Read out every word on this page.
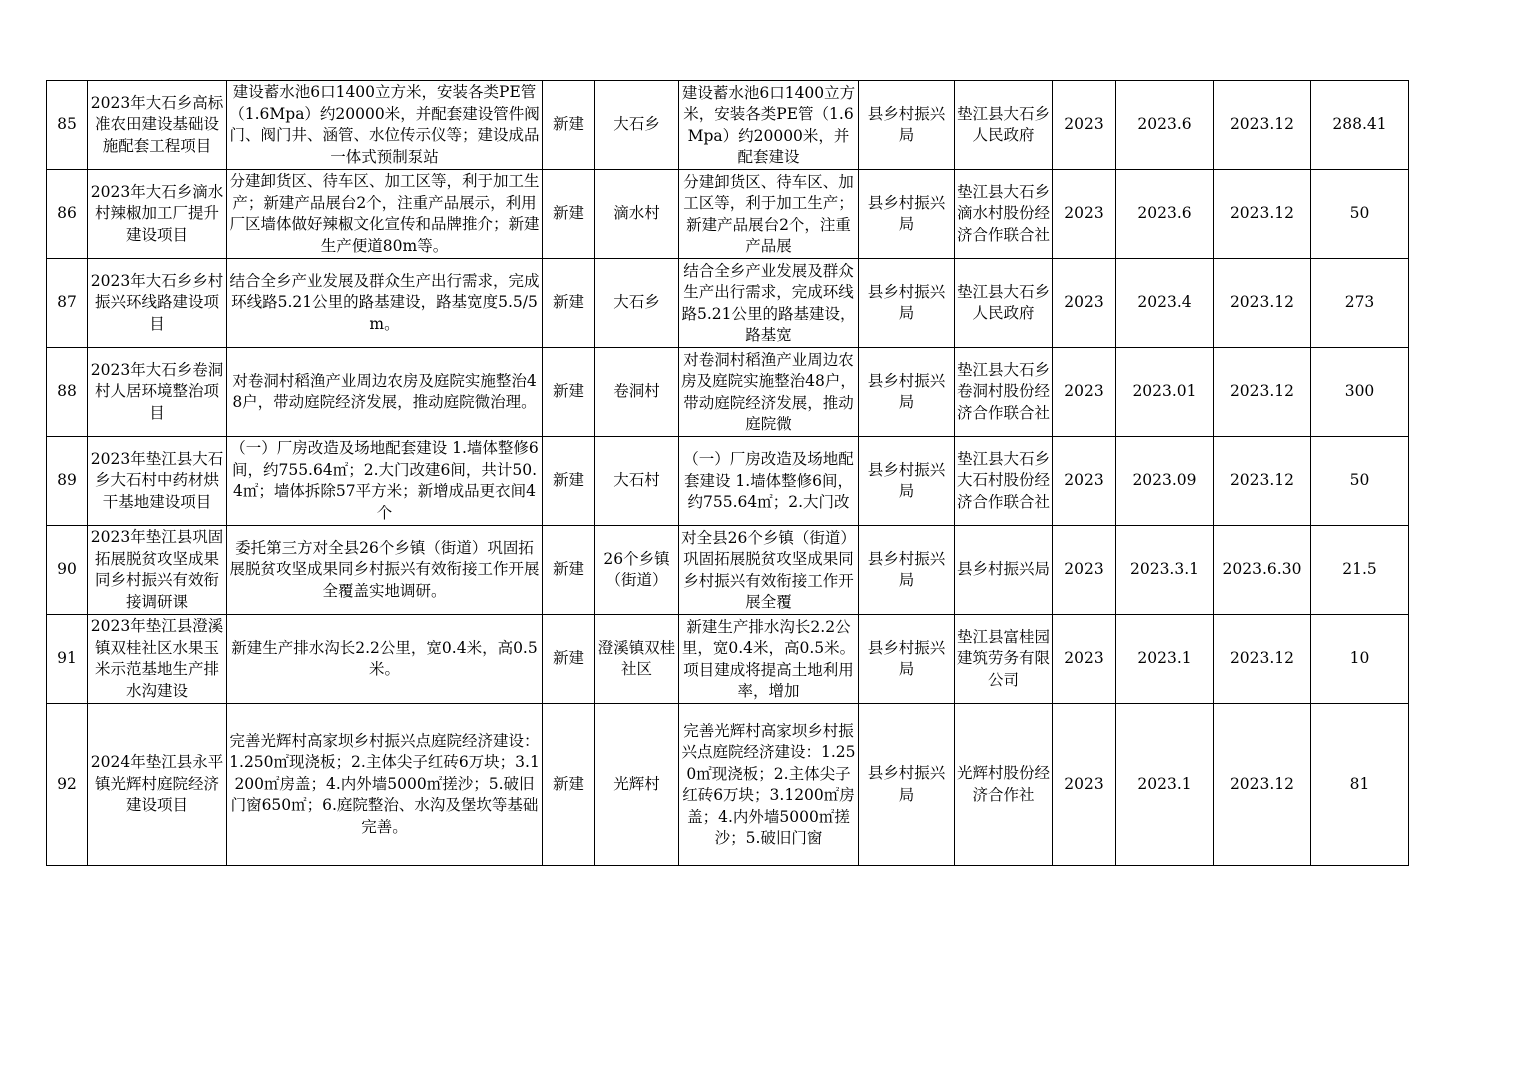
85	2023年大石乡高标准农田建设基础设施配套工程项目	建设蓄水池6口1400立方米，安装各类PE管（1.6Mpa）约20000米，并配套建设管件阀门、阀门井、涵管、水位传示仪等；建设成品一体式预制泵站	新建	大石乡	建设蓄水池6口1400立方米，安装各类PE管（1.6Mpa）约20000米，并配套建设	县乡村振兴局	垫江县大石乡人民政府	2023	2023.6	2023.12	288.41

86	2023年大石乡滴水村辣椒加工厂提升建设项目	分建卸货区、待车区、加工区等，利于加工生产；新建产品展台2个，注重产品展示，利用厂区墙体做好辣椒文化宣传和品牌推介；新建生产便道80m等。	新建	滴水村	分建卸货区、待车区、加工区等，利于加工生产；新建产品展台2个，注重产品展	县乡村振兴局	垫江县大石乡滴水村股份经济合作联合社	2023	2023.6	2023.12	50

87	2023年大石乡乡村振兴环线路建设项目	结合全乡产业发展及群众生产出行需求，完成环线路5.21公里的路基建设，路基宽度5.5/5m。	新建	大石乡	结合全乡产业发展及群众生产出行需求，完成环线路5.21公里的路基建设，路基宽	县乡村振兴局	垫江县大石乡人民政府	2023	2023.4	2023.12	273

88	2023年大石乡卷洞村人居环境整治项目	对卷洞村稻渔产业周边农房及庭院实施整治48户，带动庭院经济发展，推动庭院微治理。	新建	卷洞村	对卷洞村稻渔产业周边农房及庭院实施整治48户，带动庭院经济发展，推动庭院微	县乡村振兴局	垫江县大石乡卷洞村股份经济合作联合社	2023	2023.01	2023.12	300

89	2023年垫江县大石乡大石村中药材烘干基地建设项目	（一）厂房改造及场地配套建设 1.墙体整修6间，约755.64㎡；2.大门改建6间，共计50.4㎡；墙体拆除57平方米；新增成品更衣间4个	新建	大石村	（一）厂房改造及场地配套建设 1.墙体整修6间，约755.64㎡；2.大门改	县乡村振兴局	垫江县大石乡大石村股份经济合作联合社	2023	2023.09	2023.12	50

90	2023年垫江县巩固拓展脱贫攻坚成果同乡村振兴有效衔接调研课	委托第三方对全县26个乡镇（街道）巩固拓展脱贫攻坚成果同乡村振兴有效衔接工作开展全覆盖实地调研。	新建	26个乡镇（街道）	对全县26个乡镇（街道）巩固拓展脱贫攻坚成果同乡村振兴有效衔接工作开展全覆	县乡村振兴局	县乡村振兴局	2023	2023.3.1	2023.6.30	21.5

91	2023年垫江县澄溪镇双桂社区水果玉米示范基地生产排水沟建设	新建生产排水沟长2.2公里，宽0.4米，高0.5米。	新建	澄溪镇双桂社区	新建生产排水沟长2.2公里，宽0.4米，高0.5米。项目建成将提高土地利用率，增加	县乡村振兴局	垫江县富桂园建筑劳务有限公司	2023	2023.1	2023.12	10

92	2024年垫江县永平镇光辉村庭院经济建设项目	完善光辉村高家坝乡村振兴点庭院经济建设：1.250㎡现浇板；2.主体尖子红砖6万块；3.1200㎡房盖；4.内外墙5000㎡搓沙；5.破旧门窗650㎡；6.庭院整治、水沟及堡坎等基础完善。	新建	光辉村	完善光辉村高家坝乡村振兴点庭院经济建设：1.250㎡现浇板；2.主体尖子红砖6万块；3.1200㎡房盖；4.内外墙5000㎡搓沙；5.破旧门窗	县乡村振兴局	光辉村股份经济合作社	2023	2023.1	2023.12	81
